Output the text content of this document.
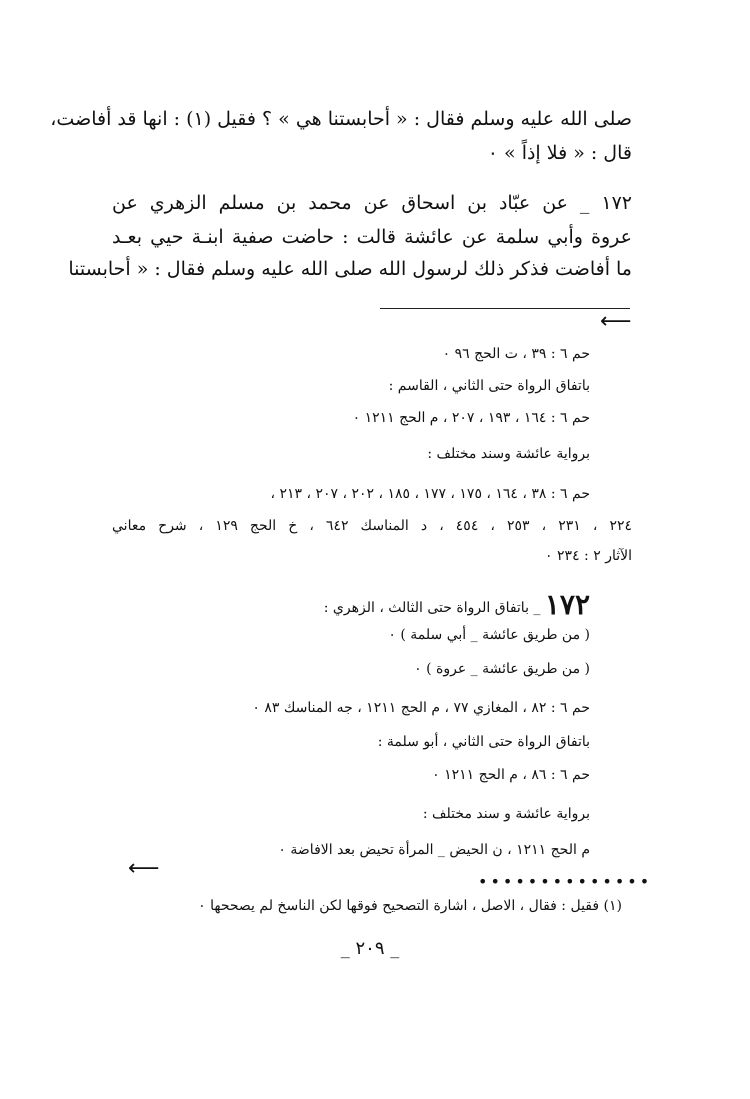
صلى الله عليه وسلم فقال : « أحابستنا هي » ؟ فقيل (١) : انها قد أفاضت،
قال : « فلا إذاً » ٠
١٧٢ _ عن عبّاد بن اسحاق عن محمد بن مسلم الزهري عن
عروة وأبي سلمة عن عائشة قالت : حاضت صفية ابنـة حيي بعـد
ما أفاضت فذكر ذلك لرسول الله صلى الله عليه وسلم فقال : « أحابستنا
⟵
حم ٦ : ٣٩ ، ت الحج ٩٦ ٠
باتفاق الرواة حتى الثاني ، القاسم :
حم ٦ : ١٦٤ ، ١٩٣ ، ٢٠٧ ، م الحج ١٢١١ ٠
برواية عائشة وسند مختلف :
حم ٦ : ٣٨ ، ١٦٤ ، ١٧٥ ، ١٧٧ ، ١٨٥ ، ٢٠٢ ، ٢٠٧ ، ٢١٣ ،
٢٢٤ ، ٢٣١ ، ٢٥٣ ، ٤٥٤ ، د المناسك ٦٤٢ ، خ الحج ١٢٩ ، شرح معاني
الآثار ٢ : ٢٣٤ ٠
١٧٢ _ باتفاق الرواة حتى الثالث ، الزهري :
( من طريق عائشة _ أبي سلمة ) ٠
( من طريق عائشة _ عروة ) ٠
حم ٦ : ٨٢ ، المغازي ٧٧ ، م الحج ١٢١١ ، جه المناسك ٨٣ ٠
باتفاق الرواة حتى الثاني ، أبو سلمة :
حم ٦ : ٨٦ ، م الحج ١٢١١ ٠
برواية عائشة و سند مختلف :
م الحج ١٢١١ ، ن الحيض _ المرأة تحيض بعد الافاضة ٠
⟵
••••••••••••••
(١) فقيل : فقال ، الاصل ، اشارة التصحيح فوقها لكن الناسخ لم يصححها ٠
_ ٢٠٩ _
